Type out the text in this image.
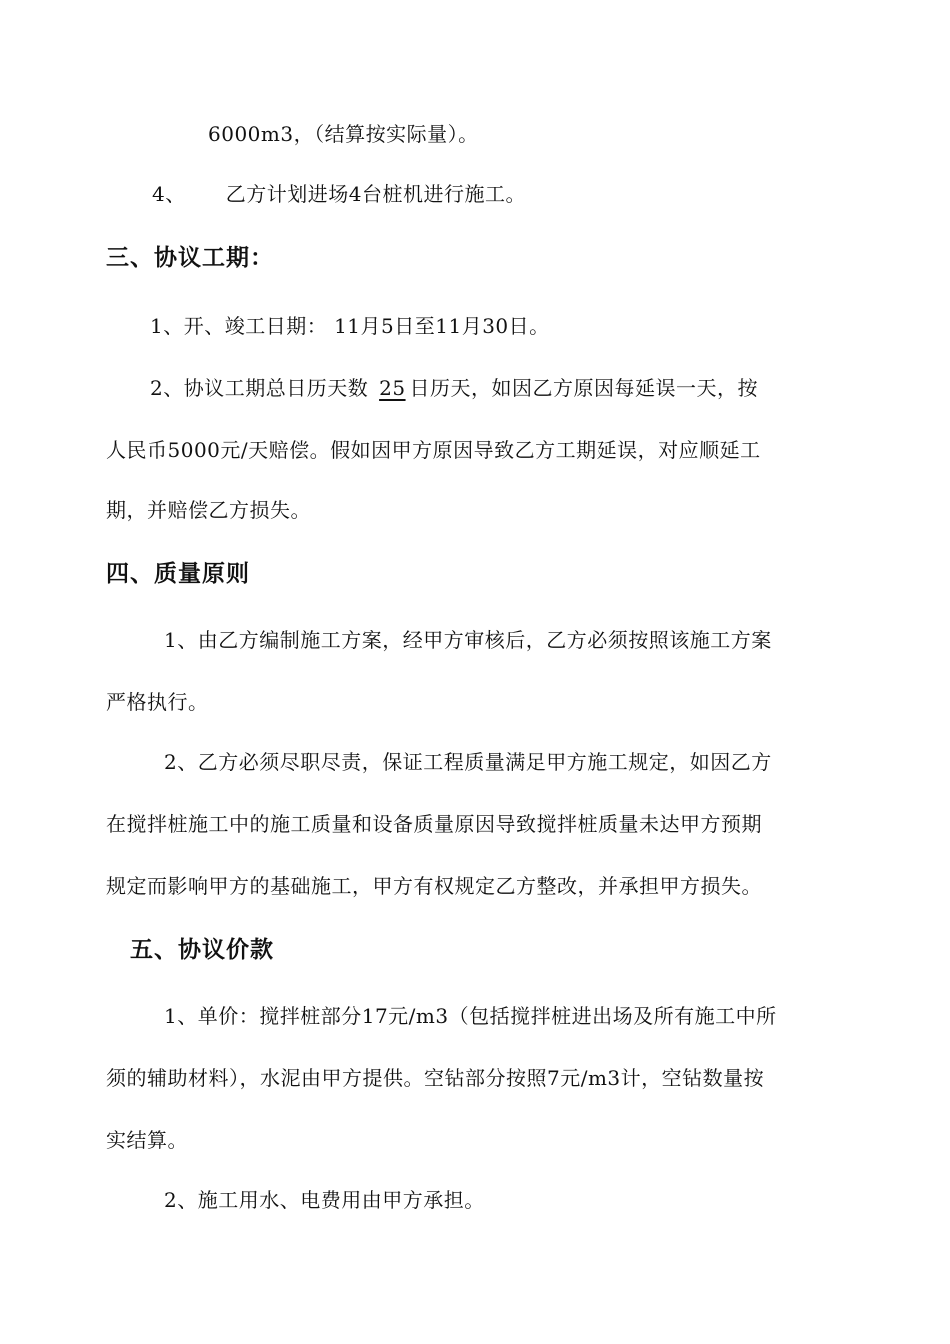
6000m3，（结算按实际量）。
4、 乙方计划进场4台桩机进行施工。
三、协议工期：
1、开、竣工日期： 11月5日至11月30日。
2、协议工期总日历天数 25 日历天，如因乙方原因每延误一天，按
人民币5000元/天赔偿。假如因甲方原因导致乙方工期延误，对应顺延工
期，并赔偿乙方损失。
四、质量原则
1、由乙方编制施工方案，经甲方审核后，乙方必须按照该施工方案
严格执行。
2、乙方必须尽职尽责，保证工程质量满足甲方施工规定，如因乙方
在搅拌桩施工中的施工质量和设备质量原因导致搅拌桩质量未达甲方预期
规定而影响甲方的基础施工，甲方有权规定乙方整改，并承担甲方损失。
五、协议价款
1、单价：搅拌桩部分17元/m3（包括搅拌桩进出场及所有施工中所
须的辅助材料），水泥由甲方提供。空钻部分按照7元/m3计，空钻数量按
实结算。
2、施工用水、电费用由甲方承担。
